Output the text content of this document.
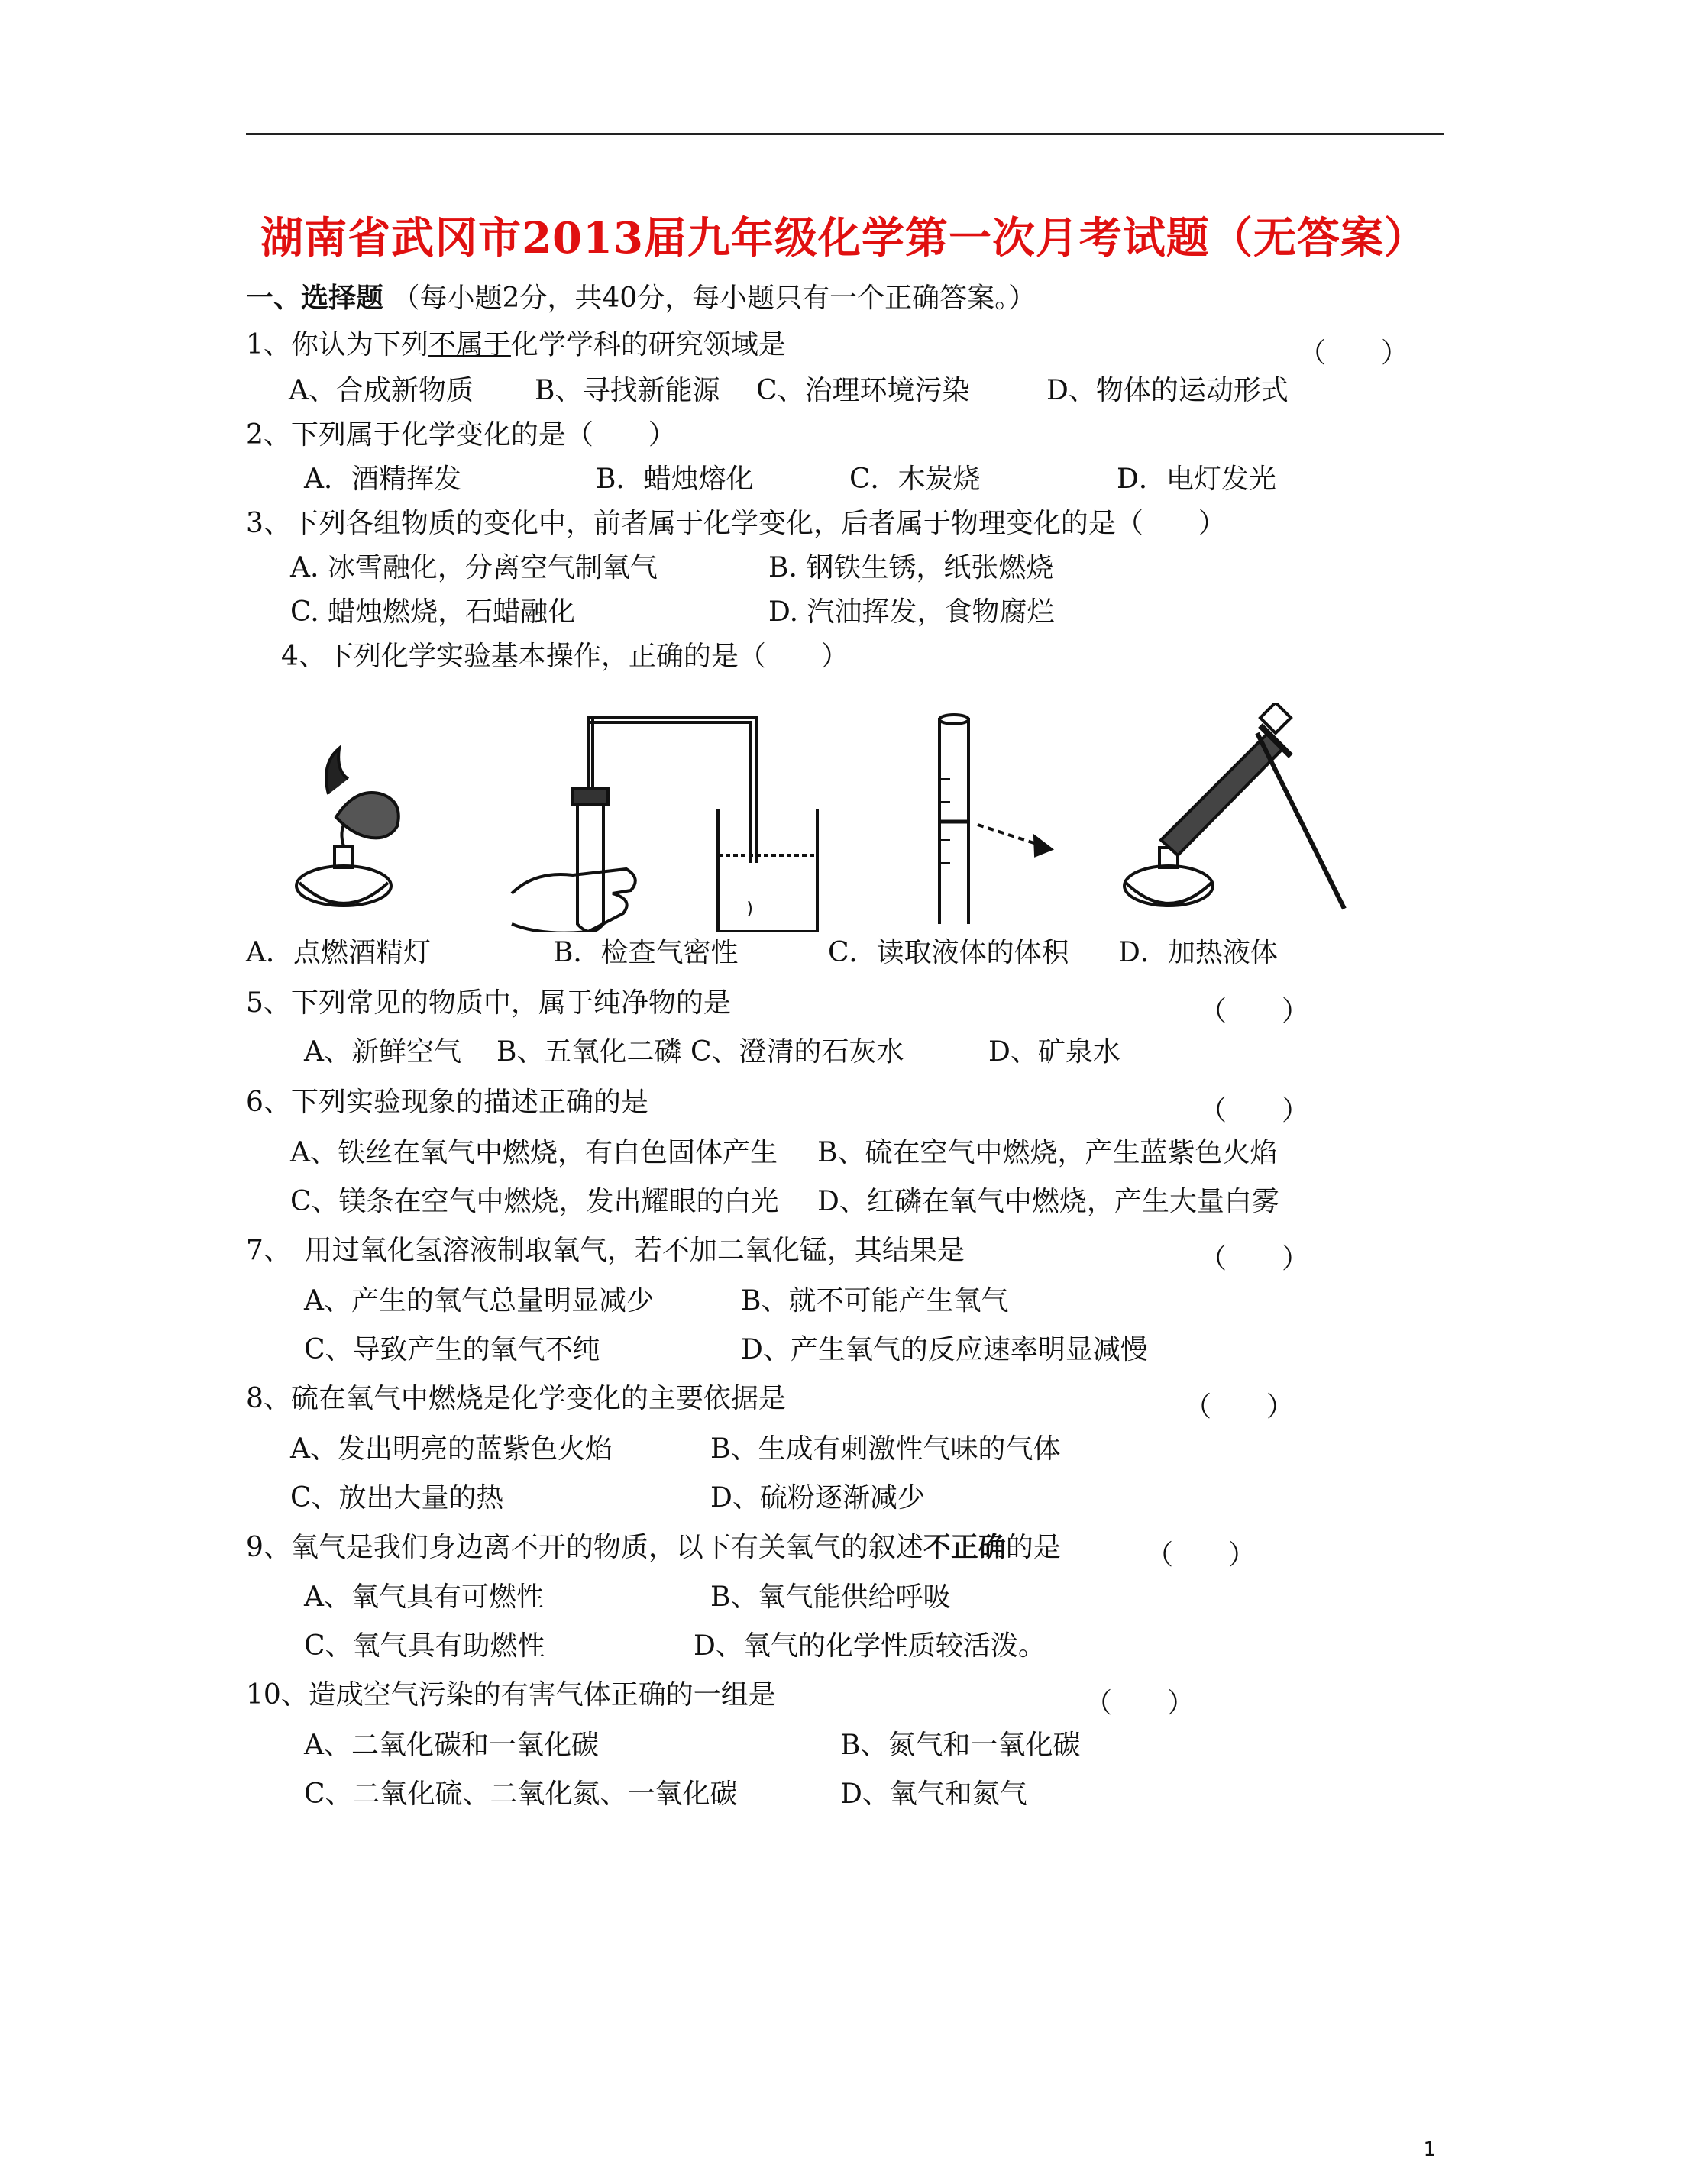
湖南省武冈市2013届九年级化学第一次月考试题（无答案）
一、选择题 （每小题2分，共40分，每小题只有一个正确答案。）
1、你认为下列不属于化学学科的研究领域是	（　　）
A、合成新物质 B、寻找新能源 C、治理环境污染	D、物体的运动形式
2、下列属于化学变化的是（　　）
A．酒精挥发	B．蜡烛熔化	C．木炭烧	D．电灯发光
3、下列各组物质的变化中，前者属于化学变化，后者属于物理变化的是（　　）
A. 冰雪融化，分离空气制氧气	B. 钢铁生锈，纸张燃烧
C. 蜡烛燃烧，石蜡融化	D. 汽油挥发，食物腐烂
4、下列化学实验基本操作，正确的是（　　）
A．点燃酒精灯	B．检查气密性	C．读取液体的体积 D．加热液体
5、下列常见的物质中，属于纯净物的是	（　　）
A、新鲜空气 B、五氧化二磷 C、澄清的石灰水	D、矿泉水
6、下列实验现象的描述正确的是	（　　）
A、铁丝在氧气中燃烧，有白色固体产生 B、硫在空气中燃烧，产生蓝紫色火焰
C、镁条在空气中燃烧，发出耀眼的白光 D、红磷在氧气中燃烧，产生大量白雾
7、　用过氧化氢溶液制取氧气，若不加二氧化锰，其结果是	（　　）
A、产生的氧气总量明显减少	B、就不可能产生氧气
C、导致产生的氧气不纯	D、产生氧气的反应速率明显减慢
8、硫在氧气中燃烧是化学变化的主要依据是	（　　）
A、发出明亮的蓝紫色火焰	B、生成有刺激性气味的气体
C、放出大量的热	D、硫粉逐渐减少
9、氧气是我们身边离不开的物质，以下有关氧气的叙述不正确的是	（　　）
A、氧气具有可燃性	B、氧气能供给呼吸
C、氧气具有助燃性	D、氧气的化学性质较活泼。
10、造成空气污染的有害气体正确的一组是	（　　）
A、二氧化碳和一氧化碳	B、氮气和一氧化碳
C、二氧化硫、二氧化氮、一氧化碳	D、氧气和氮气
1
